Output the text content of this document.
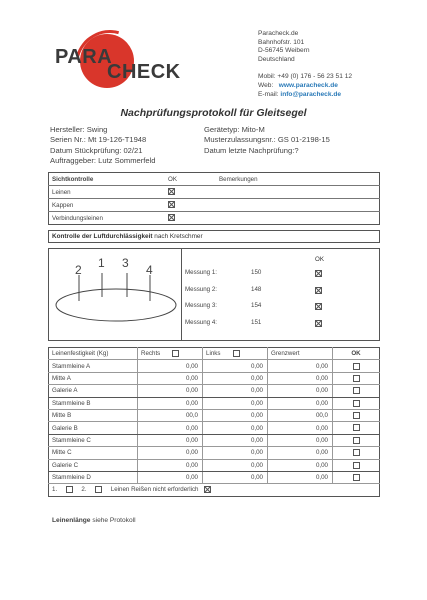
PARA
CHECK
Paracheck.de
Bahnhofstr. 101
D-56745 Weibern
Deutschland
Mobil: +49 (0) 176 - 56 23 51 12
Web: www.paracheck.de
E-mail: info@paracheck.de
Nachprüfungsprotokoll für Gleitsegel
Hersteller: Swing
Serien Nr.: Mt 19-126-T1948
Datum Stückprüfung: 02/21
Auftraggeber: Lutz Sommerfeld
Gerätetyp: Mito-M
Musterzulassungsnr.: GS 01-2198-15
Datum letzte Nachprüfung:?
Sichtkontrolle	OK	Bemerkungen
Leinen		
Kappen		
Verbindungsleinen		
Kontrolle der Luftdurchlässigkeit nach Kretschmer
1 3
2	4
OK
Messung 1:	150
Messung 2:	148
Messung 3:	154
Messung 4:	151
Leinenfestigkeit (Kg)	Rechts	Links	Grenzwert	OK
Stammleine A	0,00	0,00	0,00	
Mitte A	0,00	0,00	0,00	
Galerie A	0,00	0,00	0,00	
Stammleine B	0,00	0,00	0,00	
Mitte B	00,0	0,00	00,0	
Galerie B	0,00	0,00	0,00	
Stammleine C	0,00	0,00	0,00	
Mitte C	0,00	0,00	0,00	
Galerie C	0,00	0,00	0,00	
Stammleine D	0,00	0,00	0,00	
1. 2. Leinen Reißen nicht erforderlich				
Leinenlänge siehe Protokoll
